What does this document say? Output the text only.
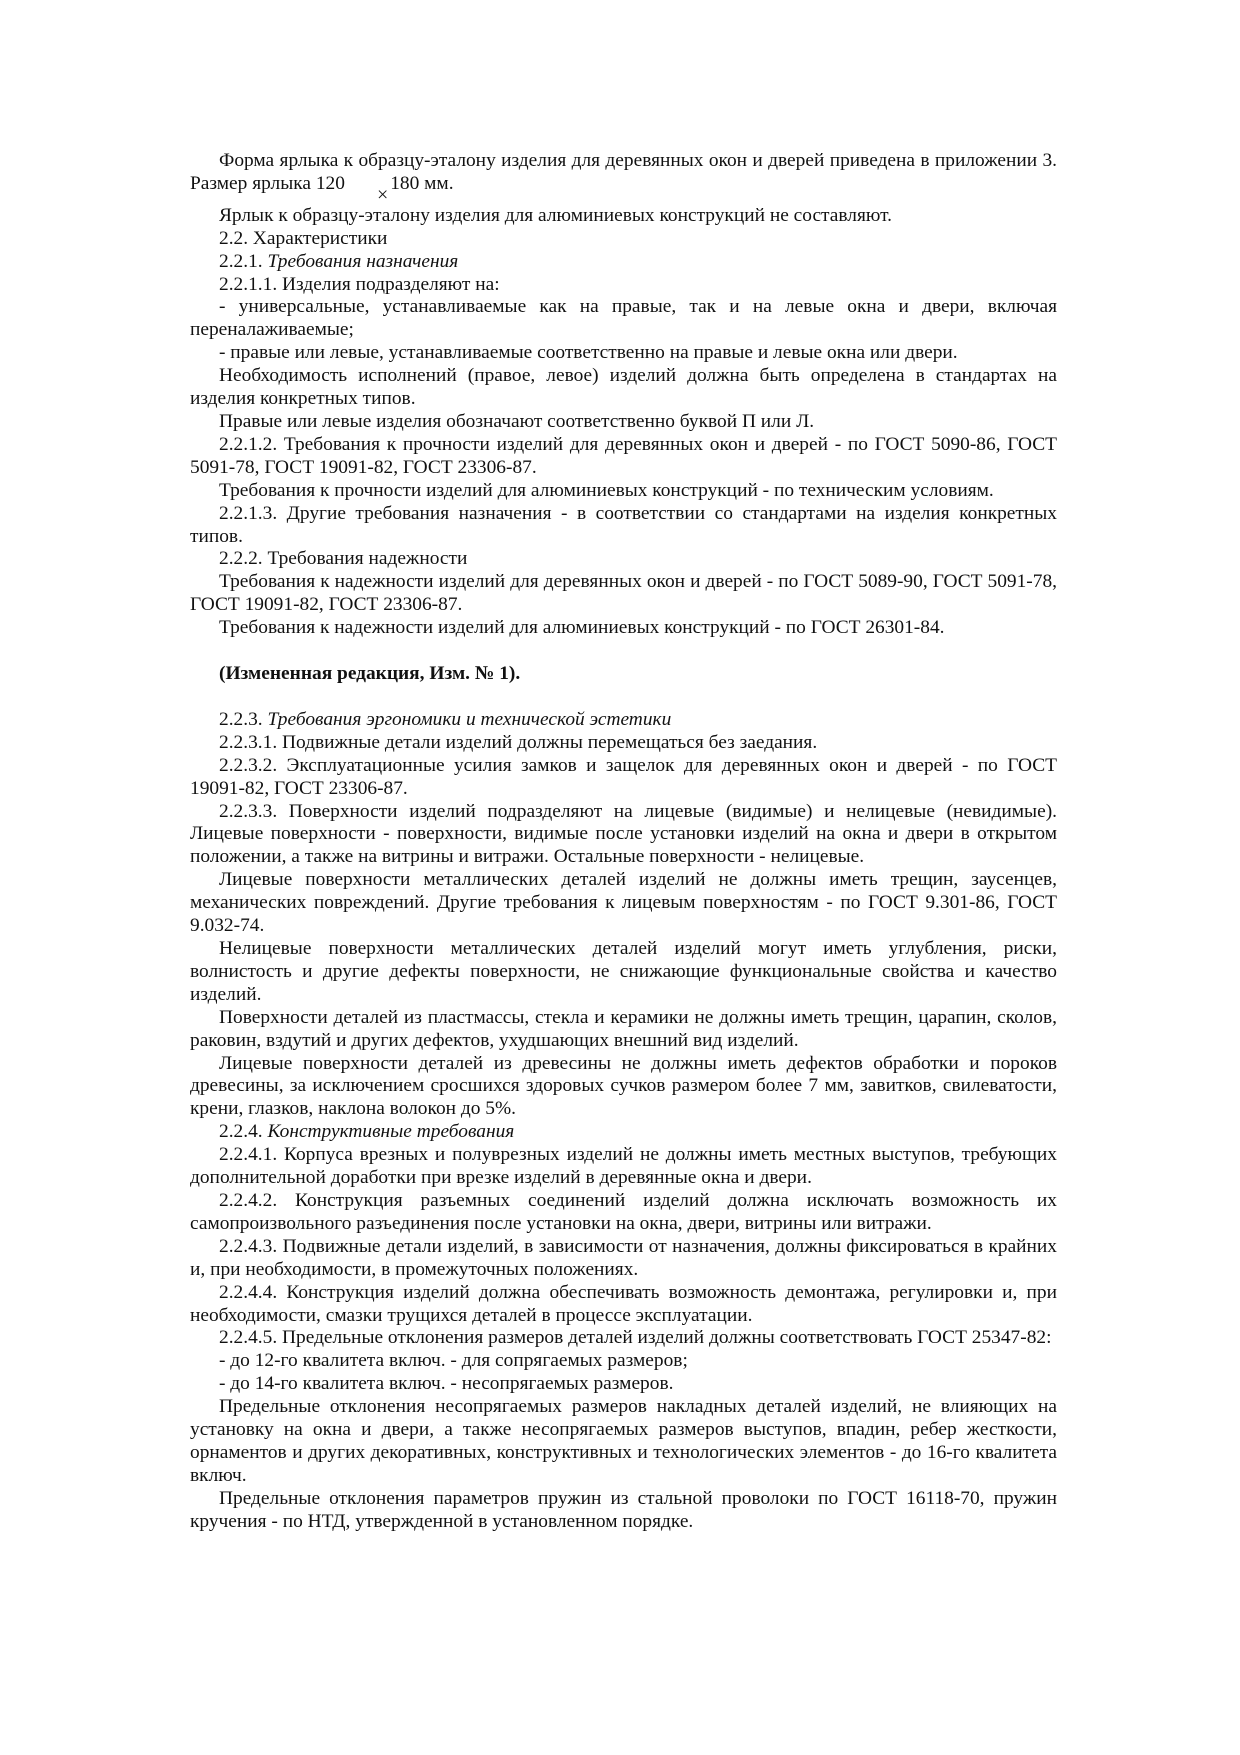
Форма ярлыка к образцу-эталону изделия для деревянных окон и дверей приведена в приложении 3. Размер ярлыка 120×180 мм.

Ярлык к образцу-эталону изделия для алюминиевых конструкций не составляют.

2.2. Характеристики

2.2.1. Требования назначения

2.2.1.1. Изделия подразделяют на:

- универсальные, устанавливаемые как на правые, так и на левые окна и двери, включая переналаживаемые;

- правые или левые, устанавливаемые соответственно на правые и левые окна или двери.

Необходимость исполнений (правое, левое) изделий должна быть определена в стандартах на изделия конкретных типов.

Правые или левые изделия обозначают соответственно буквой П или Л.

2.2.1.2. Требования к прочности изделий для деревянных окон и дверей - по ГОСТ 5090-86, ГОСТ 5091-78, ГОСТ 19091-82, ГОСТ 23306-87.

Требования к прочности изделий для алюминиевых конструкций - по техническим условиям.

2.2.1.3. Другие требования назначения - в соответствии со стандартами на изделия конкретных типов.

2.2.2. Требования надежности

Требования к надежности изделий для деревянных окон и дверей - по ГОСТ 5089-90, ГОСТ 5091-78, ГОСТ 19091-82, ГОСТ 23306-87.

Требования к надежности изделий для алюминиевых конструкций - по ГОСТ 26301-84.

(Измененная редакция, Изм. № 1).

2.2.3. Требования эргономики и технической эстетики

2.2.3.1. Подвижные детали изделий должны перемещаться без заедания.

2.2.3.2. Эксплуатационные усилия замков и защелок для деревянных окон и дверей - по ГОСТ 19091-82, ГОСТ 23306-87.

2.2.3.3. Поверхности изделий подразделяют на лицевые (видимые) и нелицевые (невидимые). Лицевые поверхности - поверхности, видимые после установки изделий на окна и двери в открытом положении, а также на витрины и витражи. Остальные поверхности - нелицевые.

Лицевые поверхности металлических деталей изделий не должны иметь трещин, заусенцев, механических повреждений. Другие требования к лицевым поверхностям - по ГОСТ 9.301-86, ГОСТ 9.032-74.

Нелицевые поверхности металлических деталей изделий могут иметь углубления, риски, волнистость и другие дефекты поверхности, не снижающие функциональные свойства и качество изделий.

Поверхности деталей из пластмассы, стекла и керамики не должны иметь трещин, царапин, сколов, раковин, вздутий и других дефектов, ухудшающих внешний вид изделий.

Лицевые поверхности деталей из древесины не должны иметь дефектов обработки и пороков древесины, за исключением сросшихся здоровых сучков размером более 7 мм, завитков, свилеватости, крени, глазков, наклона волокон до 5%.

2.2.4. Конструктивные требования

2.2.4.1. Корпуса врезных и полуврезных изделий не должны иметь местных выступов, требующих дополнительной доработки при врезке изделий в деревянные окна и двери.

2.2.4.2. Конструкция разъемных соединений изделий должна исключать возможность их самопроизвольного разъединения после установки на окна, двери, витрины или витражи.

2.2.4.3. Подвижные детали изделий, в зависимости от назначения, должны фиксироваться в крайних и, при необходимости, в промежуточных положениях.

2.2.4.4. Конструкция изделий должна обеспечивать возможность демонтажа, регулировки и, при необходимости, смазки трущихся деталей в процессе эксплуатации.

2.2.4.5. Предельные отклонения размеров деталей изделий должны соответствовать ГОСТ 25347-82:

- до 12-го квалитета включ. - для сопрягаемых размеров;

- до 14-го квалитета включ. - несопрягаемых размеров.

Предельные отклонения несопрягаемых размеров накладных деталей изделий, не влияющих на установку на окна и двери, а также несопрягаемых размеров выступов, впадин, ребер жесткости, орнаментов и других декоративных, конструктивных и технологических элементов - до 16-го квалитета включ.

Предельные отклонения параметров пружин из стальной проволоки по ГОСТ 16118-70, пружин кручения - по НТД, утвержденной в установленном порядке.
